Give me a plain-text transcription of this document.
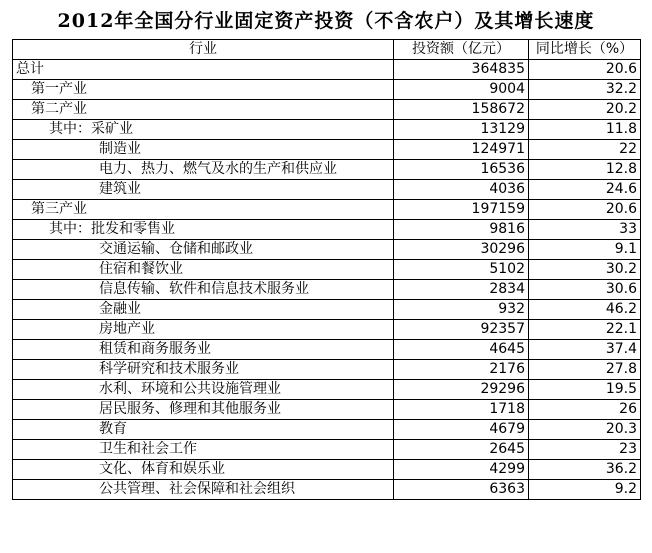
2012年全国分行业固定资产投资（不含农户）及其增长速度
行业	投资额（亿元）	同比增长（%）
总计	364835	20.6
第一产业	9004	32.2
第二产业	158672	20.2
其中：采矿业	13129	11.8
制造业	124971	22
电力、热力、燃气及水的生产和供应业	16536	12.8
建筑业	4036	24.6
第三产业	197159	20.6
其中：批发和零售业	9816	33
交通运输、仓储和邮政业	30296	9.1
住宿和餐饮业	5102	30.2
信息传输、软件和信息技术服务业	2834	30.6
金融业	932	46.2
房地产业	92357	22.1
租赁和商务服务业	4645	37.4
科学研究和技术服务业	2176	27.8
水利、环境和公共设施管理业	29296	19.5
居民服务、修理和其他服务业	1718	26
教育	4679	20.3
卫生和社会工作	2645	23
文化、体育和娱乐业	4299	36.2
公共管理、社会保障和社会组织	6363	9.2
